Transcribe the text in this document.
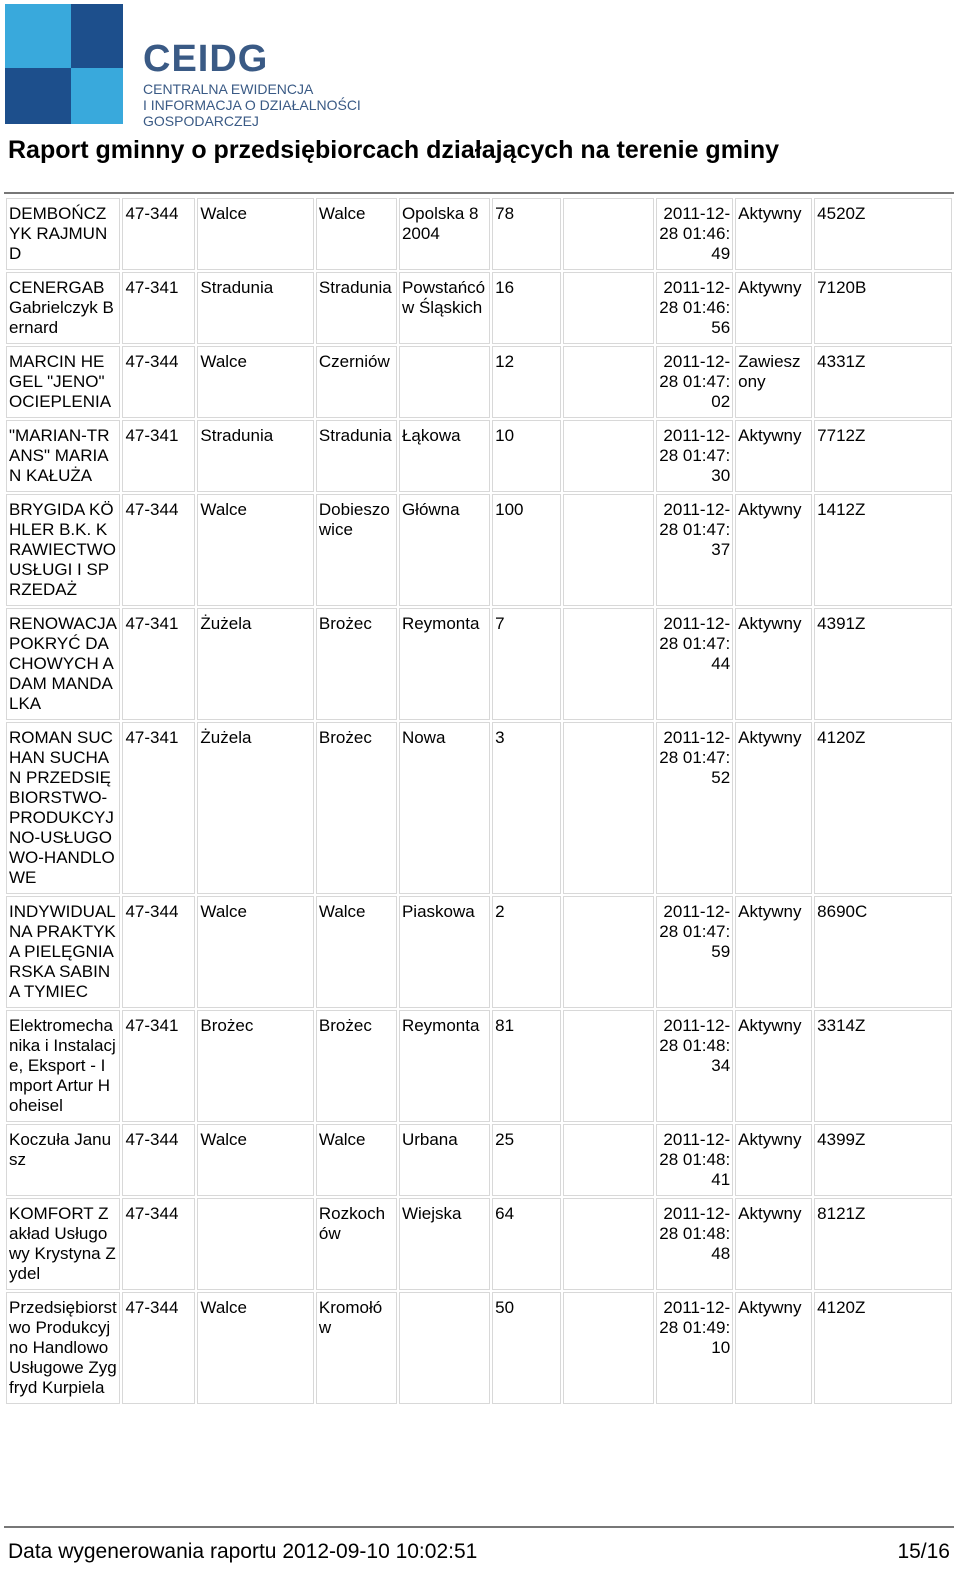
CEIDG
CENTRALNA EWIDENCJA
I INFORMACJA O DZIAŁALNOŚCI
GOSPODARCZEJ
Raport gminny o przedsiębiorcach działających na terenie gminy
DEMBOŃCZYK RAJMUND	47-344	Walce	Walce	Opolska 82004	78		2011-12-28 01:46:49	Aktywny	4520Z
CENERGAB Gabrielczyk Bernard	47-341	Stradunia	Stradunia	Powstańców Śląskich	16		2011-12-28 01:46:56	Aktywny	7120B
MARCIN HEGEL "JENO" OCIEPLENIA	47-344	Walce	Czerniów		12		2011-12-28 01:47:02	Zawieszony	4331Z
"MARIAN-TRANS" MARIAN KAŁUŻA	47-341	Stradunia	Stradunia	Łąkowa	10		2011-12-28 01:47:30	Aktywny	7712Z
BRYGIDA KÖHLER B.K. KRAWIECTWO USŁUGI I SPRZEDAŻ	47-344	Walce	Dobieszowice	Główna	100		2011-12-28 01:47:37	Aktywny	1412Z
RENOWACJA POKRYĆ DACHOWYCH ADAM MANDALKA	47-341	Żużela	Brożec	Reymonta	7		2011-12-28 01:47:44	Aktywny	4391Z
ROMAN SUCHAN SUCHAN PRZEDSIĘBIORSTWO-PRODUKCYJNO-USŁUGOWO-HANDLOWE	47-341	Żużela	Brożec	Nowa	3		2011-12-28 01:47:52	Aktywny	4120Z
INDYWIDUALNA PRAKTYKA PIELĘGNIARSKA SABINA TYMIEC	47-344	Walce	Walce	Piaskowa	2		2011-12-28 01:47:59	Aktywny	8690C
Elektromechanika i Instalacje, Eksport - Import Artur Hoheisel	47-341	Brożec	Brożec	Reymonta	81		2011-12-28 01:48:34	Aktywny	3314Z
Koczuła Janusz	47-344	Walce	Walce	Urbana	25		2011-12-28 01:48:41	Aktywny	4399Z
KOMFORT Zakład Usługowy Krystyna Zydel	47-344		Rozkochów	Wiejska	64		2011-12-28 01:48:48	Aktywny	8121Z
Przedsiębiorstwo Produkcyjno Handlowo Usługowe Zygfryd Kurpiela	47-344	Walce	Kromołów		50		2011-12-28 01:49:10	Aktywny	4120Z
Data wygenerowania raportu 2012-09-10 10:02:51	15/16
